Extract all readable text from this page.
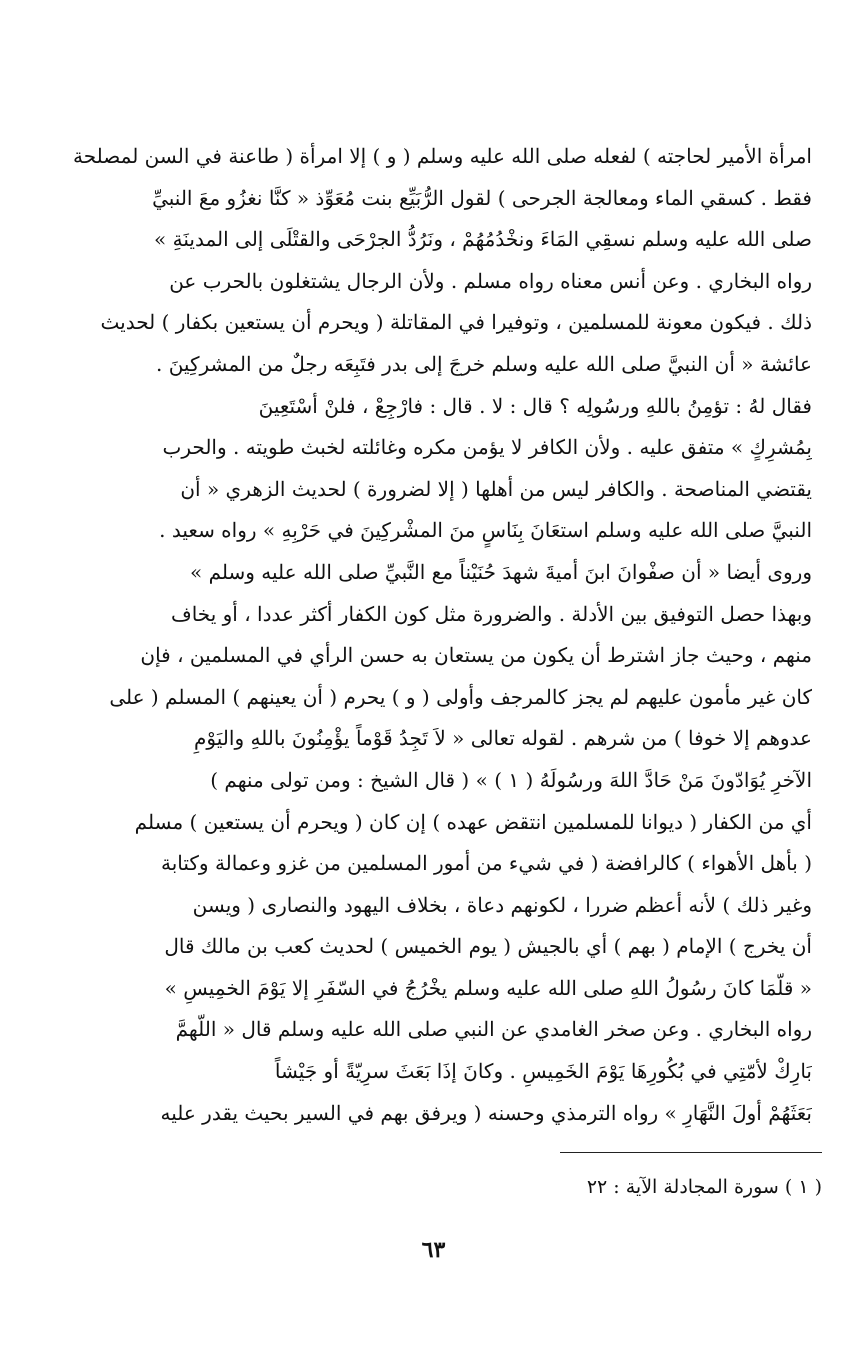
امرأة الأمير لحاجته ) لفعله صلى الله عليه وسلم ( و ) إلا امرأة ( طاعنة في السن لمصلحة
فقط . كسقي الماء ومعالجة الجرحى ) لقول الرُّبَيِّع بنت مُعَوِّذ « كنَّا نغزُو معَ النبيِّ
صلى الله عليه وسلم نسقِي المَاءَ ونخْدُمُهُمْ ، ونَرُدُّ الجرْحَى والقتْلَى إلى المدينَةِ »
رواه البخاري . وعن أنس معناه رواه مسلم . ولأن الرجال يشتغلون بالحرب عن
ذلك . فيكون معونة للمسلمين ، وتوفيرا في المقاتلة ( ويحرم أن يستعين بكفار ) لحديث
عائشة « أن النبيَّ صلى الله عليه وسلم خرجَ إلى بدر فتَبِعَه رجلٌ من المشركِينَ .
فقال لهُ : تؤمِنُ باللهِ ورسُولِه ؟ قال : لا . قال : فارْجِعْ ، فلنْ أسْتَعِينَ
بِمُشرِكٍ » متفق عليه . ولأن الكافر لا يؤمن مكره وغائلته لخبث طويته . والحرب
يقتضي المناصحة . والكافر ليس من أهلها ( إلا لضرورة ) لحديث الزهري « أن
النبيَّ صلى الله عليه وسلم استعَانَ بِنَاسٍ منَ المشْركِينَ في حَرْبِهِ » رواه سعيد .
وروى أيضا « أن صفْوانَ ابنَ أميةَ شهدَ حُنَيْناً مع النَّبيِّ صلى الله عليه وسلم »
وبهذا حصل التوفيق بين الأدلة . والضرورة مثل كون الكفار أكثر عددا ، أو يخاف
منهم ، وحيث جاز اشترط أن يكون من يستعان به حسن الرأي في المسلمين ، فإن
كان غير مأمون عليهم لم يجز كالمرجف وأولى ( و ) يحرم ( أن يعينهم ) المسلم ( على
عدوهم إلا خوفا ) من شرهم . لقوله تعالى « لاَ تَجِدُ قَوْماً يؤْمِنُونَ باللهِ واليَوْمِ
الآخرِ يُوَادّونَ مَنْ حَادَّ اللهَ ورسُولَهُ ( ١ ) » ( قال الشيخ : ومن تولى منهم )
أي من الكفار ( ديوانا للمسلمين انتقض عهده ) إن كان ( ويحرم أن يستعين ) مسلم
( بأهل الأهواء ) كالرافضة ( في شيء من أمور المسلمين من غزو وعمالة وكتابة
وغير ذلك ) لأنه أعظم ضررا ، لكونهم دعاة ، بخلاف اليهود والنصارى ( ويسن
أن يخرج ) الإمام ( بهم ) أي بالجيش ( يوم الخميس ) لحديث كعب بن مالك قال
« قلّمَا كانَ رسُولُ اللهِ صلى الله عليه وسلم يخْرُجُ في السّفَرِ إلا يَوْمَ الخمِيسِ »
رواه البخاري . وعن صخر الغامدي عن النبي صلى الله عليه وسلم قال « اللّهمَّ
بَارِكْ لأمّتِي في بُكُورِهَا يَوْمَ الخَمِيسِ . وكانَ إذَا بَعَثَ سرِيّةً أو جَيْشاً
بَعَثَهُمْ أولَ النَّهَارِ » رواه الترمذي وحسنه ( ويرفق بهم في السير بحيث يقدر عليه
( ١ ) سورة المجادلة الآية : ٢٢
٦٣
